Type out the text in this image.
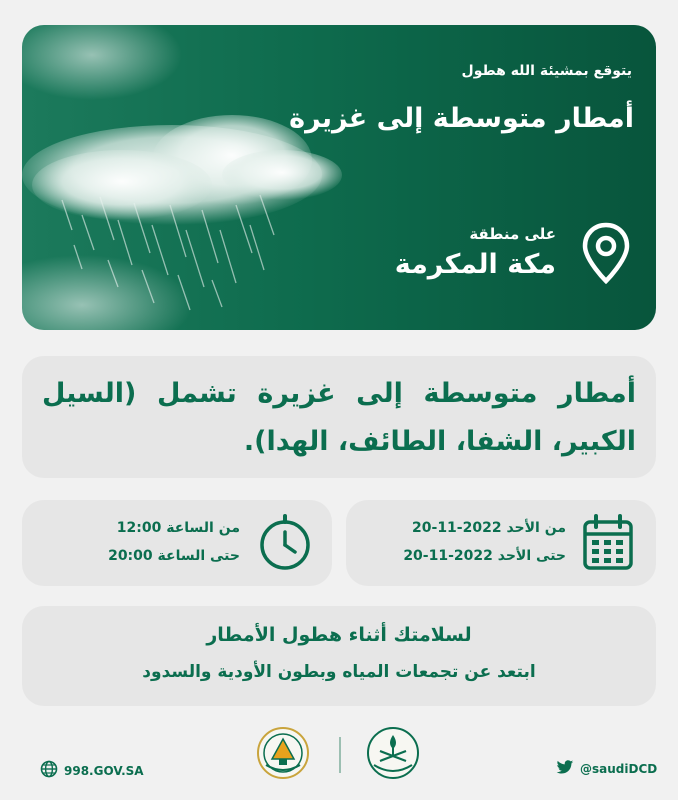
يتوقع بمشيئة الله هطول
أمطار متوسطة إلى غزيرة
على منطقة
مكة المكرمة
أمطار متوسطة إلى غزيرة تشمل (السيل الكبير، الشفا، الطائف، الهدا).
من الأحد 2022-11-20
حتى الأحد 2022-11-20
من الساعة 12:00
حتى الساعة 20:00
لسلامتك أثناء هطول الأمطار
ابتعد عن تجمعات المياه وبطون الأودية والسدود
998.GOV.SA	@saudiDCD
